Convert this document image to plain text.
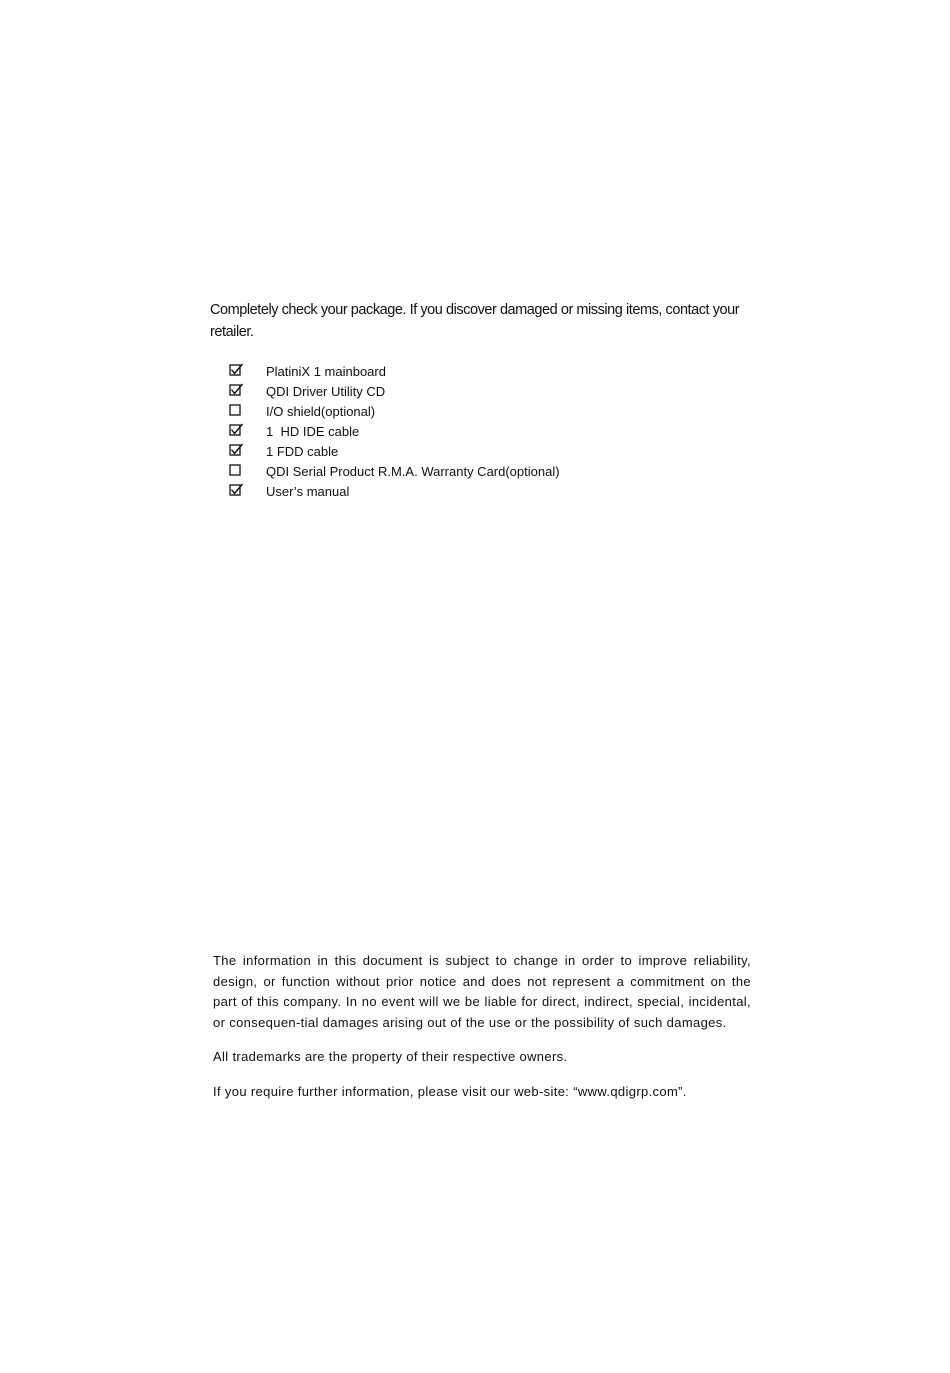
Completely check your package. If you discover damaged or missing items, contact your retailer.

PlatiniX 1 mainboard
QDI Driver Utility CD
I/O shield(optional)
1  HD IDE cable
1 FDD cable
QDI Serial Product R.M.A. Warranty Card(optional)
User’s manual

The information in this document is subject to change in order to improve reliability, design, or function without prior notice and does not represent a commitment on the part of this company. In no event will we be liable for direct, indirect, special, incidental, or consequen-tial damages arising out of the use or the possibility of such damages.

All trademarks are the property of their respective owners.

If you require further information, please visit our web-site: “www.qdigrp.com”.
